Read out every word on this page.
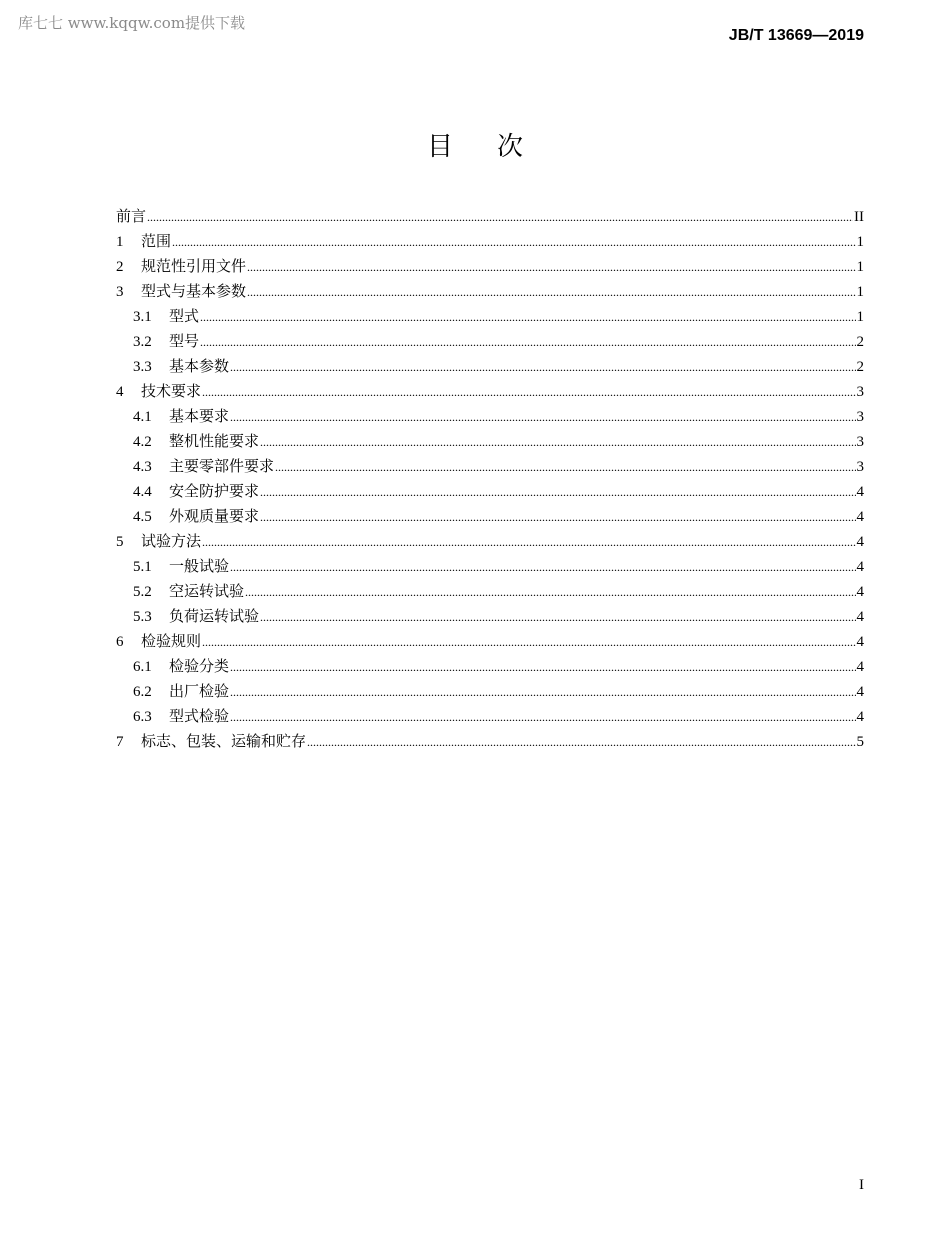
库七七 www.kqqw.com提供下载
JB/T 13669—2019
目次
前言 .....	II
1	范围 .....	1
2	规范性引用文件 .....	1
3	型式与基本参数 .....	1
3.1	型式 .....	1
3.2	型号 .....	2
3.3	基本参数 .....	2
4	技术要求 .....	3
4.1	基本要求 .....	3
4.2	整机性能要求 .....	3
4.3	主要零部件要求 .....	3
4.4	安全防护要求 .....	4
4.5	外观质量要求 .....	4
5	试验方法 .....	4
5.1	一般试验 .....	4
5.2	空运转试验 .....	4
5.3	负荷运转试验 .....	4
6	检验规则 .....	4
6.1	检验分类 .....	4
6.2	出厂检验 .....	4
6.3	型式检验 .....	4
7	标志、包装、运输和贮存 .....	5
I
